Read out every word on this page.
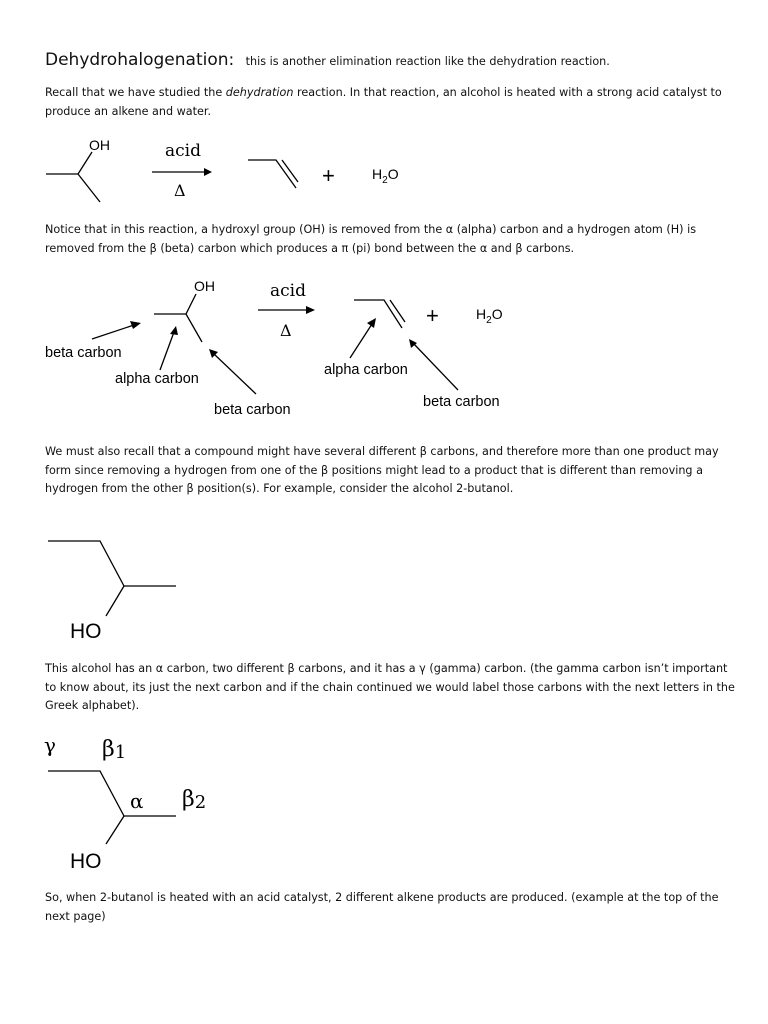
Dehydrohalogenation: this is another elimination reaction like the dehydration reaction.
Recall that we have studied the dehydration reaction. In that reaction, an alcohol is heated with a strong acid catalyst to produce an alkene and water.
OH	acid
Δ
+	$H_2O$
Notice that in this reaction, a hydroxyl group (OH) is removed from the α (alpha) carbon and a hydrogen atom (H) is removed from the β (beta) carbon which produces a π (pi) bond between the α and β carbons.
OH	acid
Δ
+	$H_2O$
beta carbon
alpha carbon
beta carbon
alpha carbon
beta carbon
We must also recall that a compound might have several different β carbons, and therefore more than one product may form since removing a hydrogen from one of the β positions might lead to a product that is different than removing a hydrogen from the other β position(s). For example, consider the alcohol 2-butanol.
HO
This alcohol has an α carbon, two different β carbons, and it has a γ (gamma) carbon. (the gamma carbon isn’t important to know about, its just the next carbon and if the chain continued we would label those carbons with the next letters in the Greek alphabet).
γ β1
α β2
HO
So, when 2-butanol is heated with an acid catalyst, 2 different alkene products are produced. (example at the top of the next page)
